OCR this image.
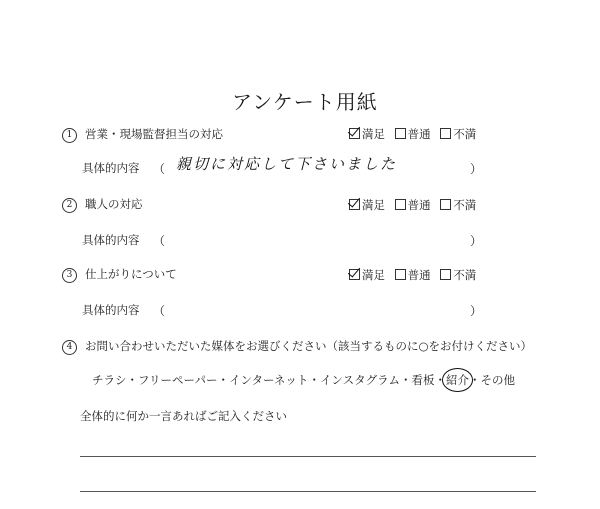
アンケート用紙
1 営業・現場監督担当の対応	満足 普通 不満
具体的内容 （ 親切に対応して下さいました	）
2 職人の対応	満足 普通 不満
具体的内容 （	）
3 仕上がりについて	満足 普通 不満
具体的内容 （	）
4 お問い合わせいただいた媒体をお選びください（該当するものに○をお付けください）
チラシ・フリーペーパー・インターネット・インスタグラム・看板・紹介・その他
全体的に何か一言あればご記入ください
